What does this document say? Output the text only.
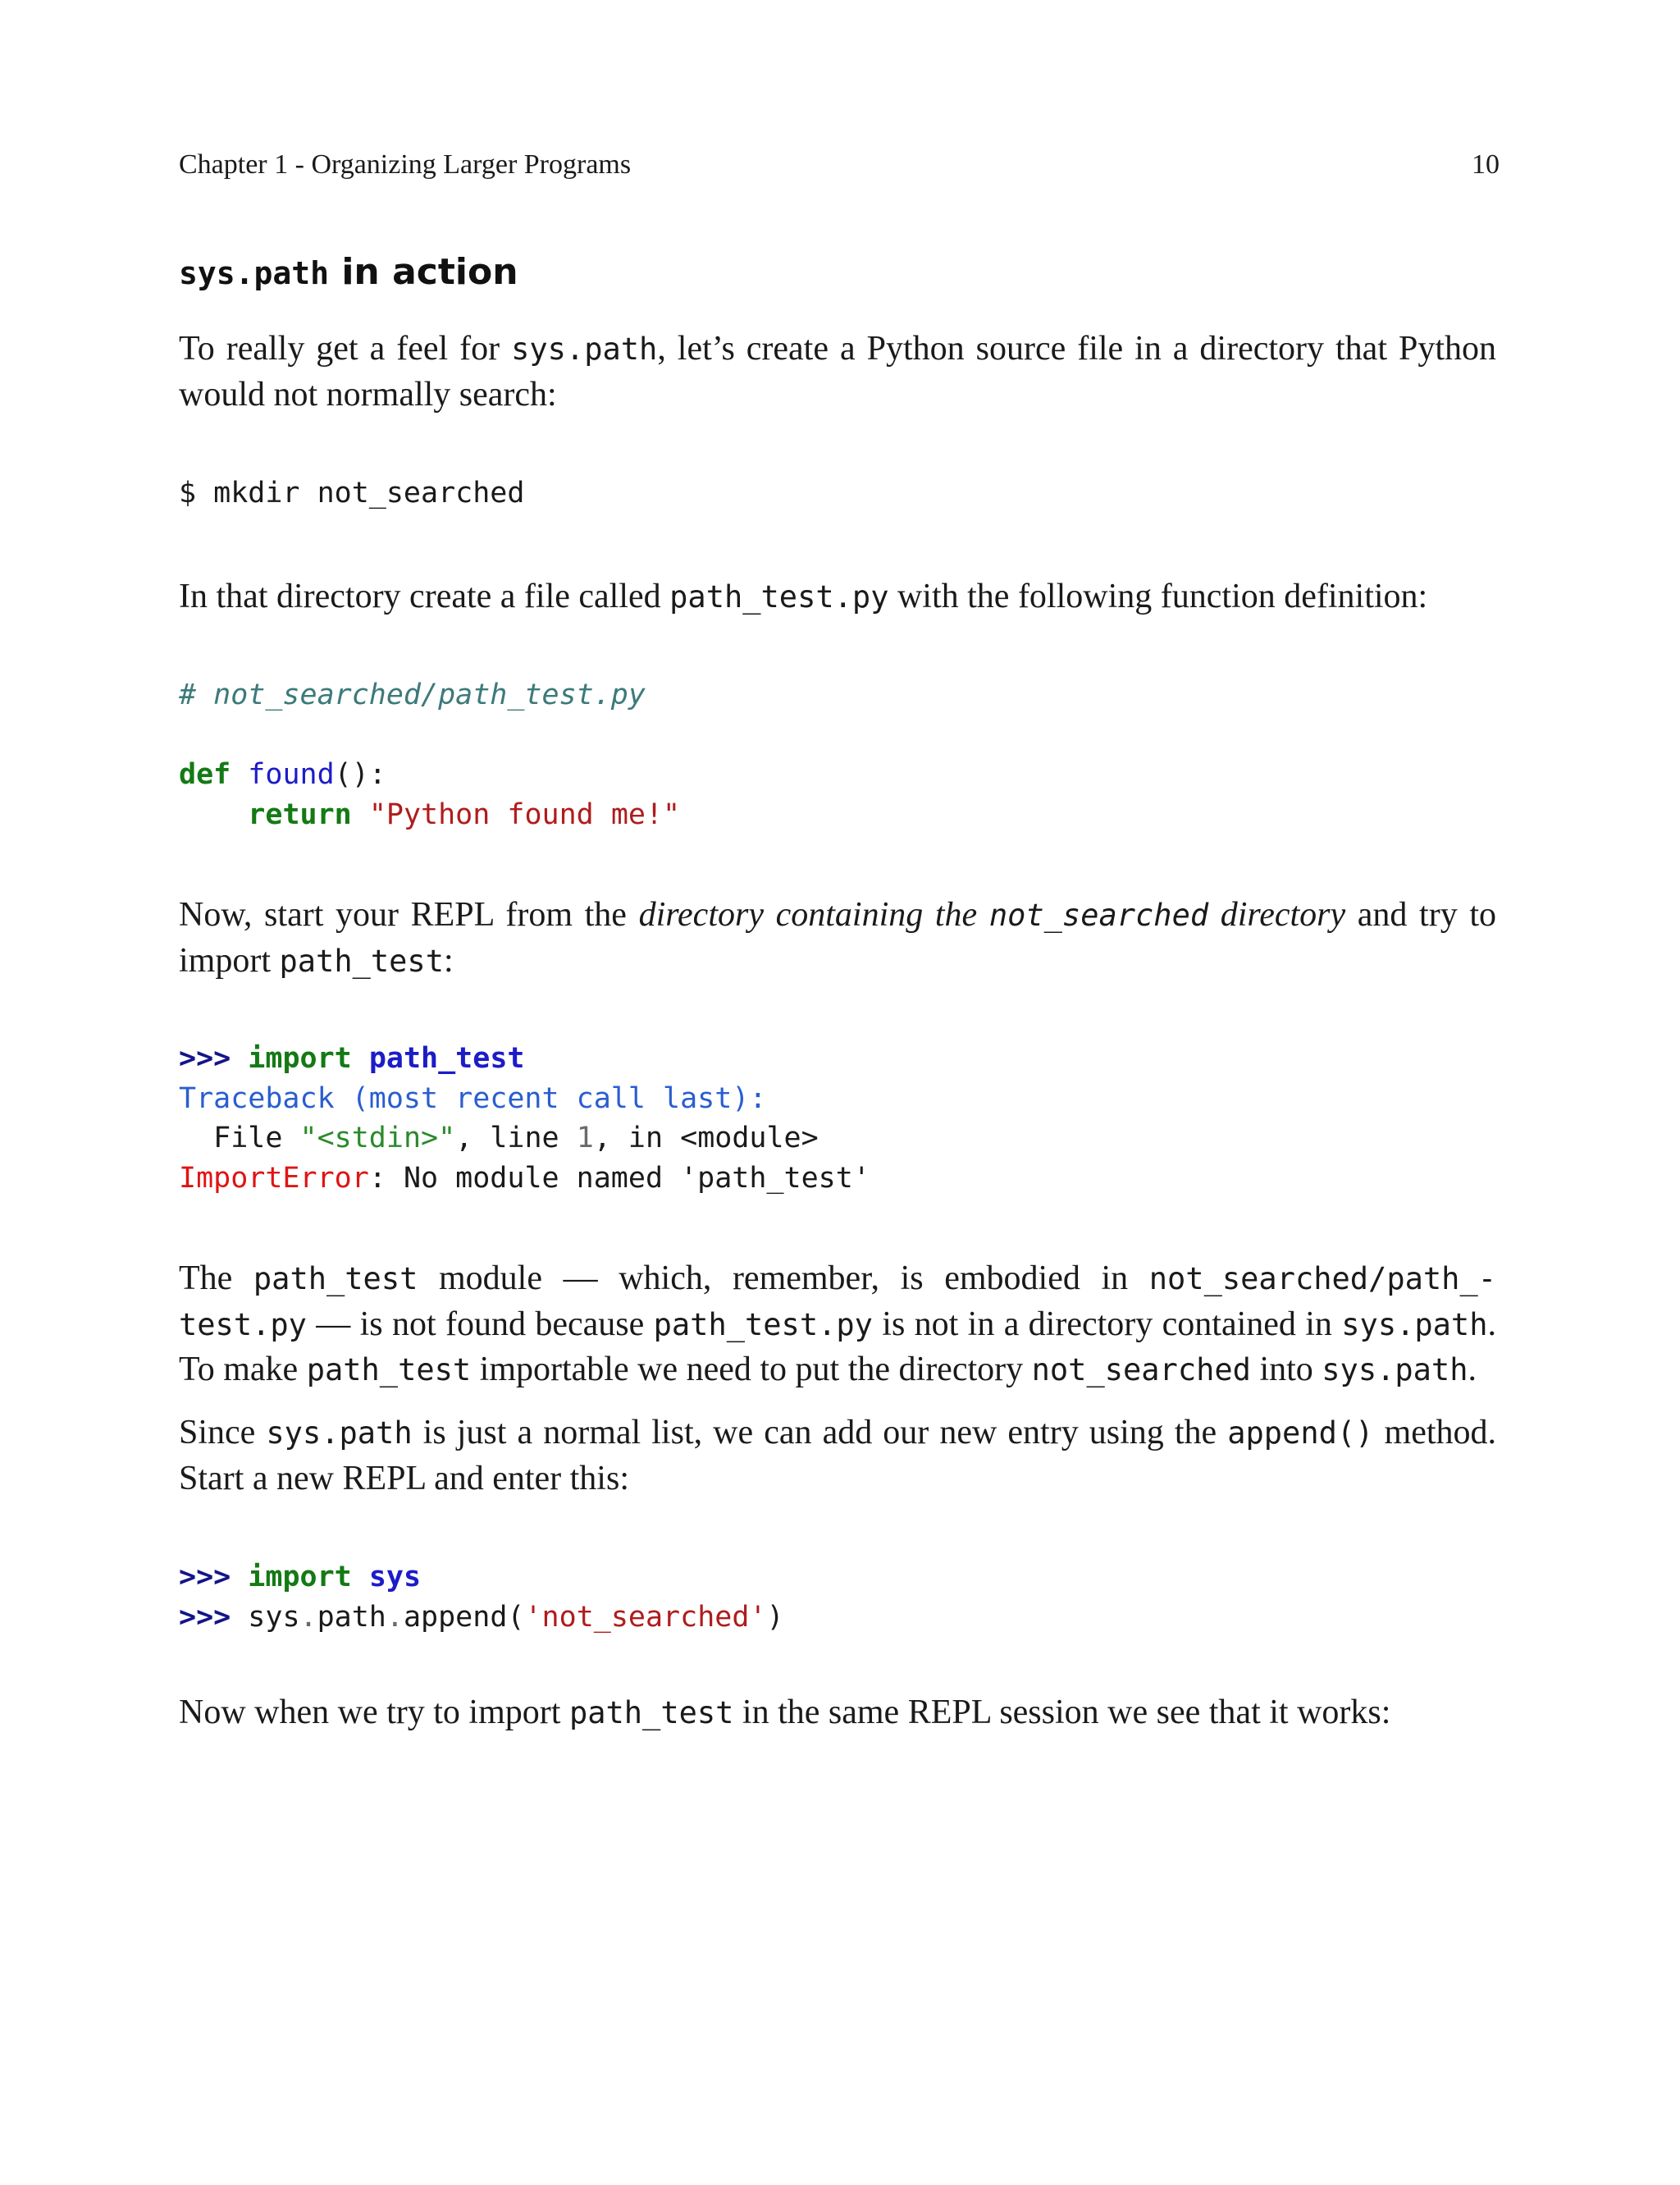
Chapter 1 - Organizing Larger Programs	10
sys.path in action
To really get a feel for sys.path, let’s create a Python source file in a directory that Python would not normally search:
$ mkdir not_searched
In that directory create a file called path_test.py with the following function definition:
# not_searched/path_test.py

def found():
return "Python found me!"
Now, start your REPL from the directory containing the not_searched directory and try to import path_test:
>>> import path_test
Traceback (most recent call last):
File "<stdin>", line 1, in <module>
ImportError: No module named 'path_test'
The path_test module — which, remember, is embodied in not_searched/path_-test.py — is not found because path_test.py is not in a directory contained in sys.path. To make path_test importable we need to put the directory not_searched into sys.path.
Since sys.path is just a normal list, we can add our new entry using the append() method. Start a new REPL and enter this:
>>> import sys
>>> sys.path.append('not_searched')
Now when we try to import path_test in the same REPL session we see that it works:
